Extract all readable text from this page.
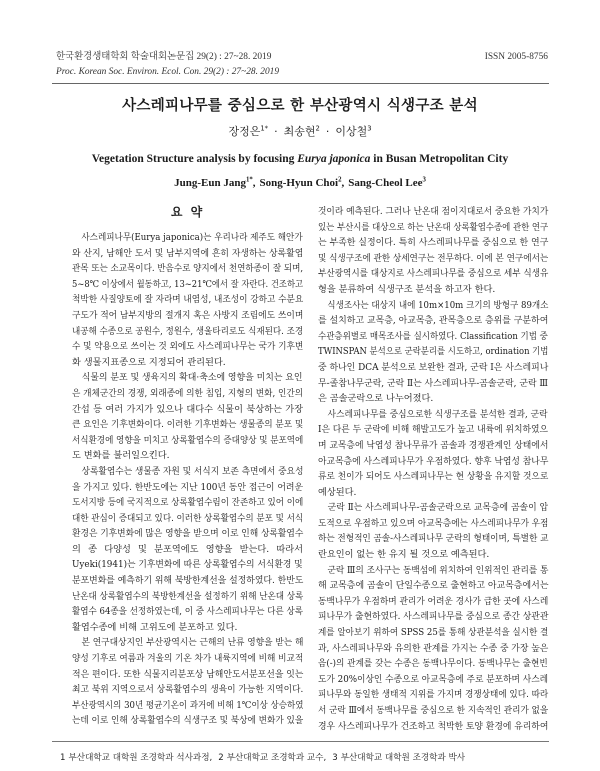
한국환경생태학회 학술대회논문집 29(2) : 27~28. 2019
Proc. Korean Soc. Environ. Ecol. Con. 29(2) : 27~28. 2019
ISSN 2005-8756
사스레피나무를 중심으로 한 부산광역시 식생구조 분석
장정은$^{1*}$ · 최송현$^2$ · 이상철$^3$
Vegetation Structure analysis by focusing Eurya japonica in Busan Metropolitan City
Jung-Eun Jang$^{1*}$, Song-Hyun Choi$^2$, Sang-Cheol Lee$^3$
요 약
사스레피나무(Eurya japonica)는 우리나라 제주도 해안가
와 산지, 남해안 도서 및 남부지역에 흔히 자생하는 상록활엽
관목 또는 소교목이다. 반음수로 양지에서 천연하종이 잘 되며,
5~8℃ 이상에서 월동하고, 13~21℃에서 잘 자란다. 건조하고
척박한 사질양토에 잘 자라며 내염성, 내조성이 강하고 수분요
구도가 적어 남부지방의 절개지 혹은 사방지 조림에도 쓰이며
내공해 수종으로 공원수, 정원수, 생울타리로도 식재된다. 조경
수 및 약용으로 쓰이는 것 외에도 사스레피나무는 국가 기후변
화 생물지표종으로 지정되어 관리된다.
식물의 분포 및 생육지의 확대·축소에 영향을 미치는 요인
은 개체군간의 경쟁, 외래종에 의한 침입, 지형의 변화, 인간의
간섭 등 여러 가지가 있으나 대다수 식물이 북상하는 가장
큰 요인은 기후변화이다. 이러한 기후변화는 생물종의 분포 및
서식환경에 영향을 미치고 상록활엽수의 증대양상 및 분포역에
도 변화를 불러일으킨다.
상록활엽수는 생물종 자원 및 서식지 보존 측면에서 중요성
을 가지고 있다. 한반도에는 지난 100년 동안 접근이 어려운
도서지방 등에 국지적으로 상록활엽수림이 잔존하고 있어 이에
대한 관심이 증대되고 있다. 이러한 상록활엽수의 분포 및 서식
환경은 기후변화에 많은 영향을 받으며 이로 인해 상록활엽수
의 종 다양성 및 분포역에도 영향을 받는다. 따라서
Uyeki(1941)는 기후변화에 따른 상록활엽수의 서식환경 및
분포변화를 예측하기 위해 북방한계선을 설정하였다. 한반도
난온대 상록활엽수의 북방한계선을 설정하기 위해 난온대 상록
활엽수 64종을 선정하였는데, 이 중 사스레피나무는 다른 상록
활엽수종에 비해 고위도에 분포하고 있다.
본 연구대상지인 부산광역시는 근해의 난류 영향을 받는 해
양성 기후로 여름과 겨울의 기온 차가 내륙지역에 비해 비교적
적은 편이다. 또한 식물지리분포상 남해안도서분포선을 잇는
최고 북위 지역으로서 상록활엽수의 생육이 가능한 지역이다.
부산광역시의 30년 평균기온이 과거에 비해 1℃이상 상승하였
는데 이로 인해 상록활엽수의 식생구조 및 북상에 변화가 있을
것이라 예측된다. 그러나 난온대 점이지대로서 중요한 가치가
있는 부산시를 대상으로 하는 난온대 상록활엽수종에 관한 연구
는 부족한 실정이다. 특히 사스레피나무를 중심으로 한 연구
및 식생구조에 관한 상세연구는 전무하다. 이에 본 연구에서는
부산광역시를 대상지로 사스레피나무를 중심으로 세부 식생유
형을 분류하여 식생구조 분석을 하고자 한다.
식생조사는 대상지 내에 10m×10m 크기의 방형구 89개소
를 설치하고 교목층, 아교목층, 관목층으로 층위를 구분하여
수관층위별로 매목조사를 실시하였다. Classification 기법 중
TWINSPAN 분석으로 군락분리를 시도하고, ordination 기법
중 하나인 DCA 분석으로 보완한 결과, 군락 Ⅰ은 사스레피나
무-졸참나무군락, 군락 Ⅱ는 사스레피나무-곰솔군락, 군락 Ⅲ
은 곰솔군락으로 나누어졌다.
사스레피나무를 중심으로한 식생구조를 분석한 결과, 군락
Ⅰ은 다른 두 군락에 비해 해발고도가 높고 내륙에 위치하였으
며 교목층에 낙엽성 참나무류가 곰솔과 경쟁관계인 상태에서
아교목층에 사스레피나무가 우점하였다. 향후 낙엽성 참나무
류로 천이가 되어도 사스레피나무는 현 상황을 유지할 것으로
예상된다.
군락 Ⅱ는 사스레피나무-곰솔군락으로 교목층에 곰솔이 압
도적으로 우점하고 있으며 아교목층에는 사스레피나무가 우점
하는 전형적인 곰솔-사스레피나무 군락의 형태이며, 특별한 교
란요인이 없는 한 유지 될 것으로 예측된다.
군락 Ⅲ의 조사구는 동백섬에 위치하여 인위적인 관리를 통
해 교목층에 곰솔이 단일수종으로 출현하고 아교목층에서는
동백나무가 우점하며 관리가 어려운 경사가 급한 곳에 사스레
피나무가 출현하였다. 사스레피나무를 중심으로 종간 상관관
계를 알아보기 위하여 SPSS 25를 통해 상관분석을 실시한 결
과, 사스레피나무와 유의한 관계를 가지는 수종 중 가장 높은
음(-)의 관계를 갖는 수종은 동백나무이다. 동백나무는 출현빈
도가 20%이상인 수종으로 아교목층에 주로 분포하며 사스레
피나무와 동일한 생태적 지위를 가지며 경쟁상태에 있다. 따라
서 군락 Ⅲ에서 동백나무를 중심으로 한 지속적인 관리가 없을
경우 사스레피나무가 건조하고 척박한 토양 환경에 유리하여
1 부산대학교 대학원 조경학과 석사과정, 2 부산대학교 조경학과 교수, 3 부산대학교 대학원 조경학과 박사
